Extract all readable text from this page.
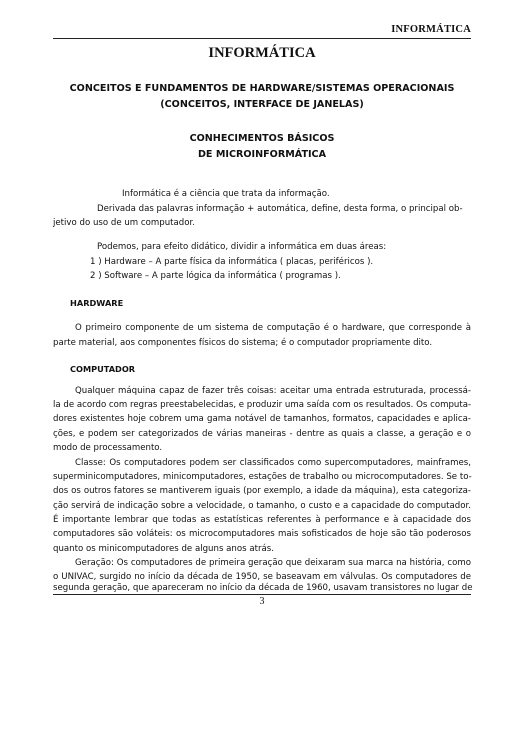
INFORMÁTICA
INFORMÁTICA
CONCEITOS E FUNDAMENTOS DE HARDWARE/SISTEMAS OPERACIONAIS
(CONCEITOS, INTERFACE DE JANELAS)
CONHECIMENTOS BÁSICOS
DE MICROINFORMÁTICA
Informática é a ciência que trata da informação.
Derivada das palavras informação + automática, define, desta forma, o principal ob-
jetivo do uso de um computador.
Podemos, para efeito didático, dividir a informática em duas áreas:
1 ) Hardware – A parte física da informática ( placas, periféricos ).
2 ) Software – A parte lógica da informática ( programas ).
HARDWARE
O primeiro componente de um sistema de computação é o hardware, que corresponde à
parte material, aos componentes físicos do sistema; é o computador propriamente dito.
COMPUTADOR
Qualquer máquina capaz de fazer três coisas: aceitar uma entrada estruturada, processá-
la de acordo com regras preestabelecidas, e produzir uma saída com os resultados. Os computa-
dores existentes hoje cobrem uma gama notável de tamanhos, formatos, capacidades e aplica-
ções, e podem ser categorizados de várias maneiras - dentre as quais a classe, a geração e o
modo de processamento.
Classe: Os computadores podem ser classificados como supercomputadores, mainframes,
superminicomputadores, minicomputadores, estações de trabalho ou microcomputadores. Se to-
dos os outros fatores se mantiverem iguais (por exemplo, a idade da máquina), esta categoriza-
ção servirá de indicação sobre a velocidade, o tamanho, o custo e a capacidade do computador.
É importante lembrar que todas as estatísticas referentes à performance e à capacidade dos
computadores são voláteis: os microcomputadores mais sofisticados de hoje são tão poderosos
quanto os minicomputadores de alguns anos atrás.
Geração: Os computadores de primeira geração que deixaram sua marca na história, como
o UNIVAC, surgido no início da década de 1950, se baseavam em válvulas. Os computadores de
segunda geração, que apareceram no início da década de 1960, usavam transistores no lugar de
3
